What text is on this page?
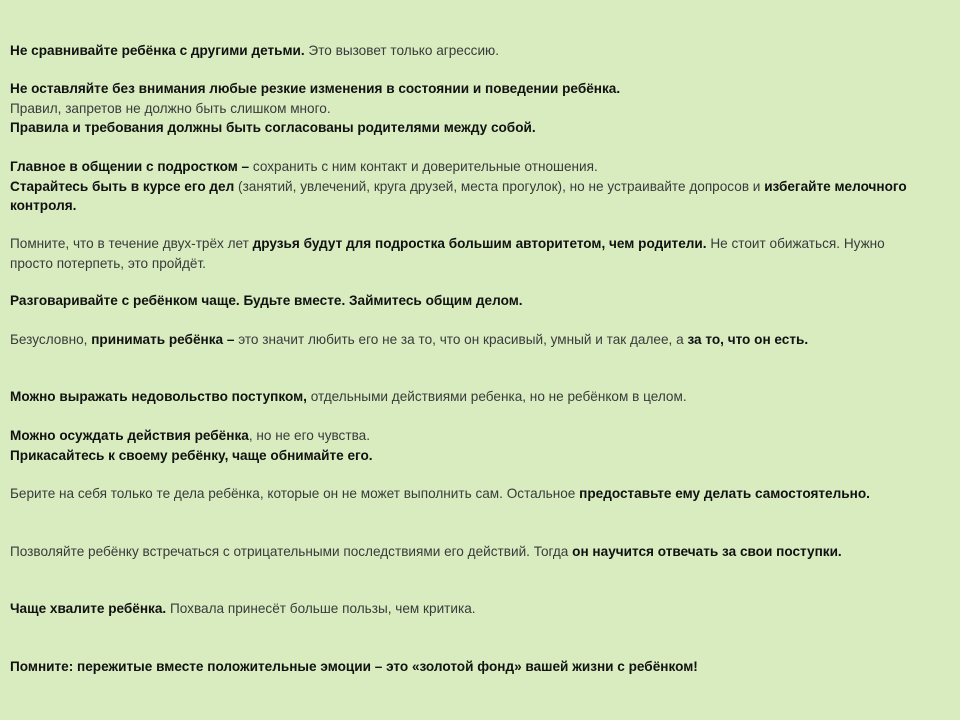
Не сравнивайте ребёнка с другими детьми. Это вызовет только агрессию.

Не оставляйте без внимания любые резкие изменения в состоянии и поведении ребёнка.
Правил, запретов не должно быть слишком много.
Правила и требования должны быть согласованы родителями между собой.

Главное в общении с подростком – сохранить с ним контакт и доверительные отношения.
Старайтесь быть в курсе его дел (занятий, увлечений, круга друзей, места прогулок), но не устраивайте допросов и избегайте мелочного контроля.

Помните, что в течение двух-трёх лет друзья будут для подростка большим авторитетом, чем родители. Не стоит обижаться. Нужно просто потерпеть, это пройдёт.

Разговаривайте с ребёнком чаще. Будьте вместе. Займитесь общим делом.

Безусловно, принимать ребёнка – это значит любить его не за то, что он красивый, умный и так далее, а за то, что он есть.

Можно выражать недовольство поступком, отдельными действиями ребенка, но не ребёнком в целом.

Можно осуждать действия ребёнка, но не его чувства.
Прикасайтесь к своему ребёнку, чаще обнимайте его.

Берите на себя только те дела ребёнка, которые он не может выполнить сам. Остальное предоставьте ему делать самостоятельно.

Позволяйте ребёнку встречаться с отрицательными последствиями его действий. Тогда он научится отвечать за свои поступки.

Чаще хвалите ребёнка. Похвала принесёт больше пользы, чем критика.

Помните: пережитые вместе положительные эмоции – это «золотой фонд» вашей жизни с ребёнком!
